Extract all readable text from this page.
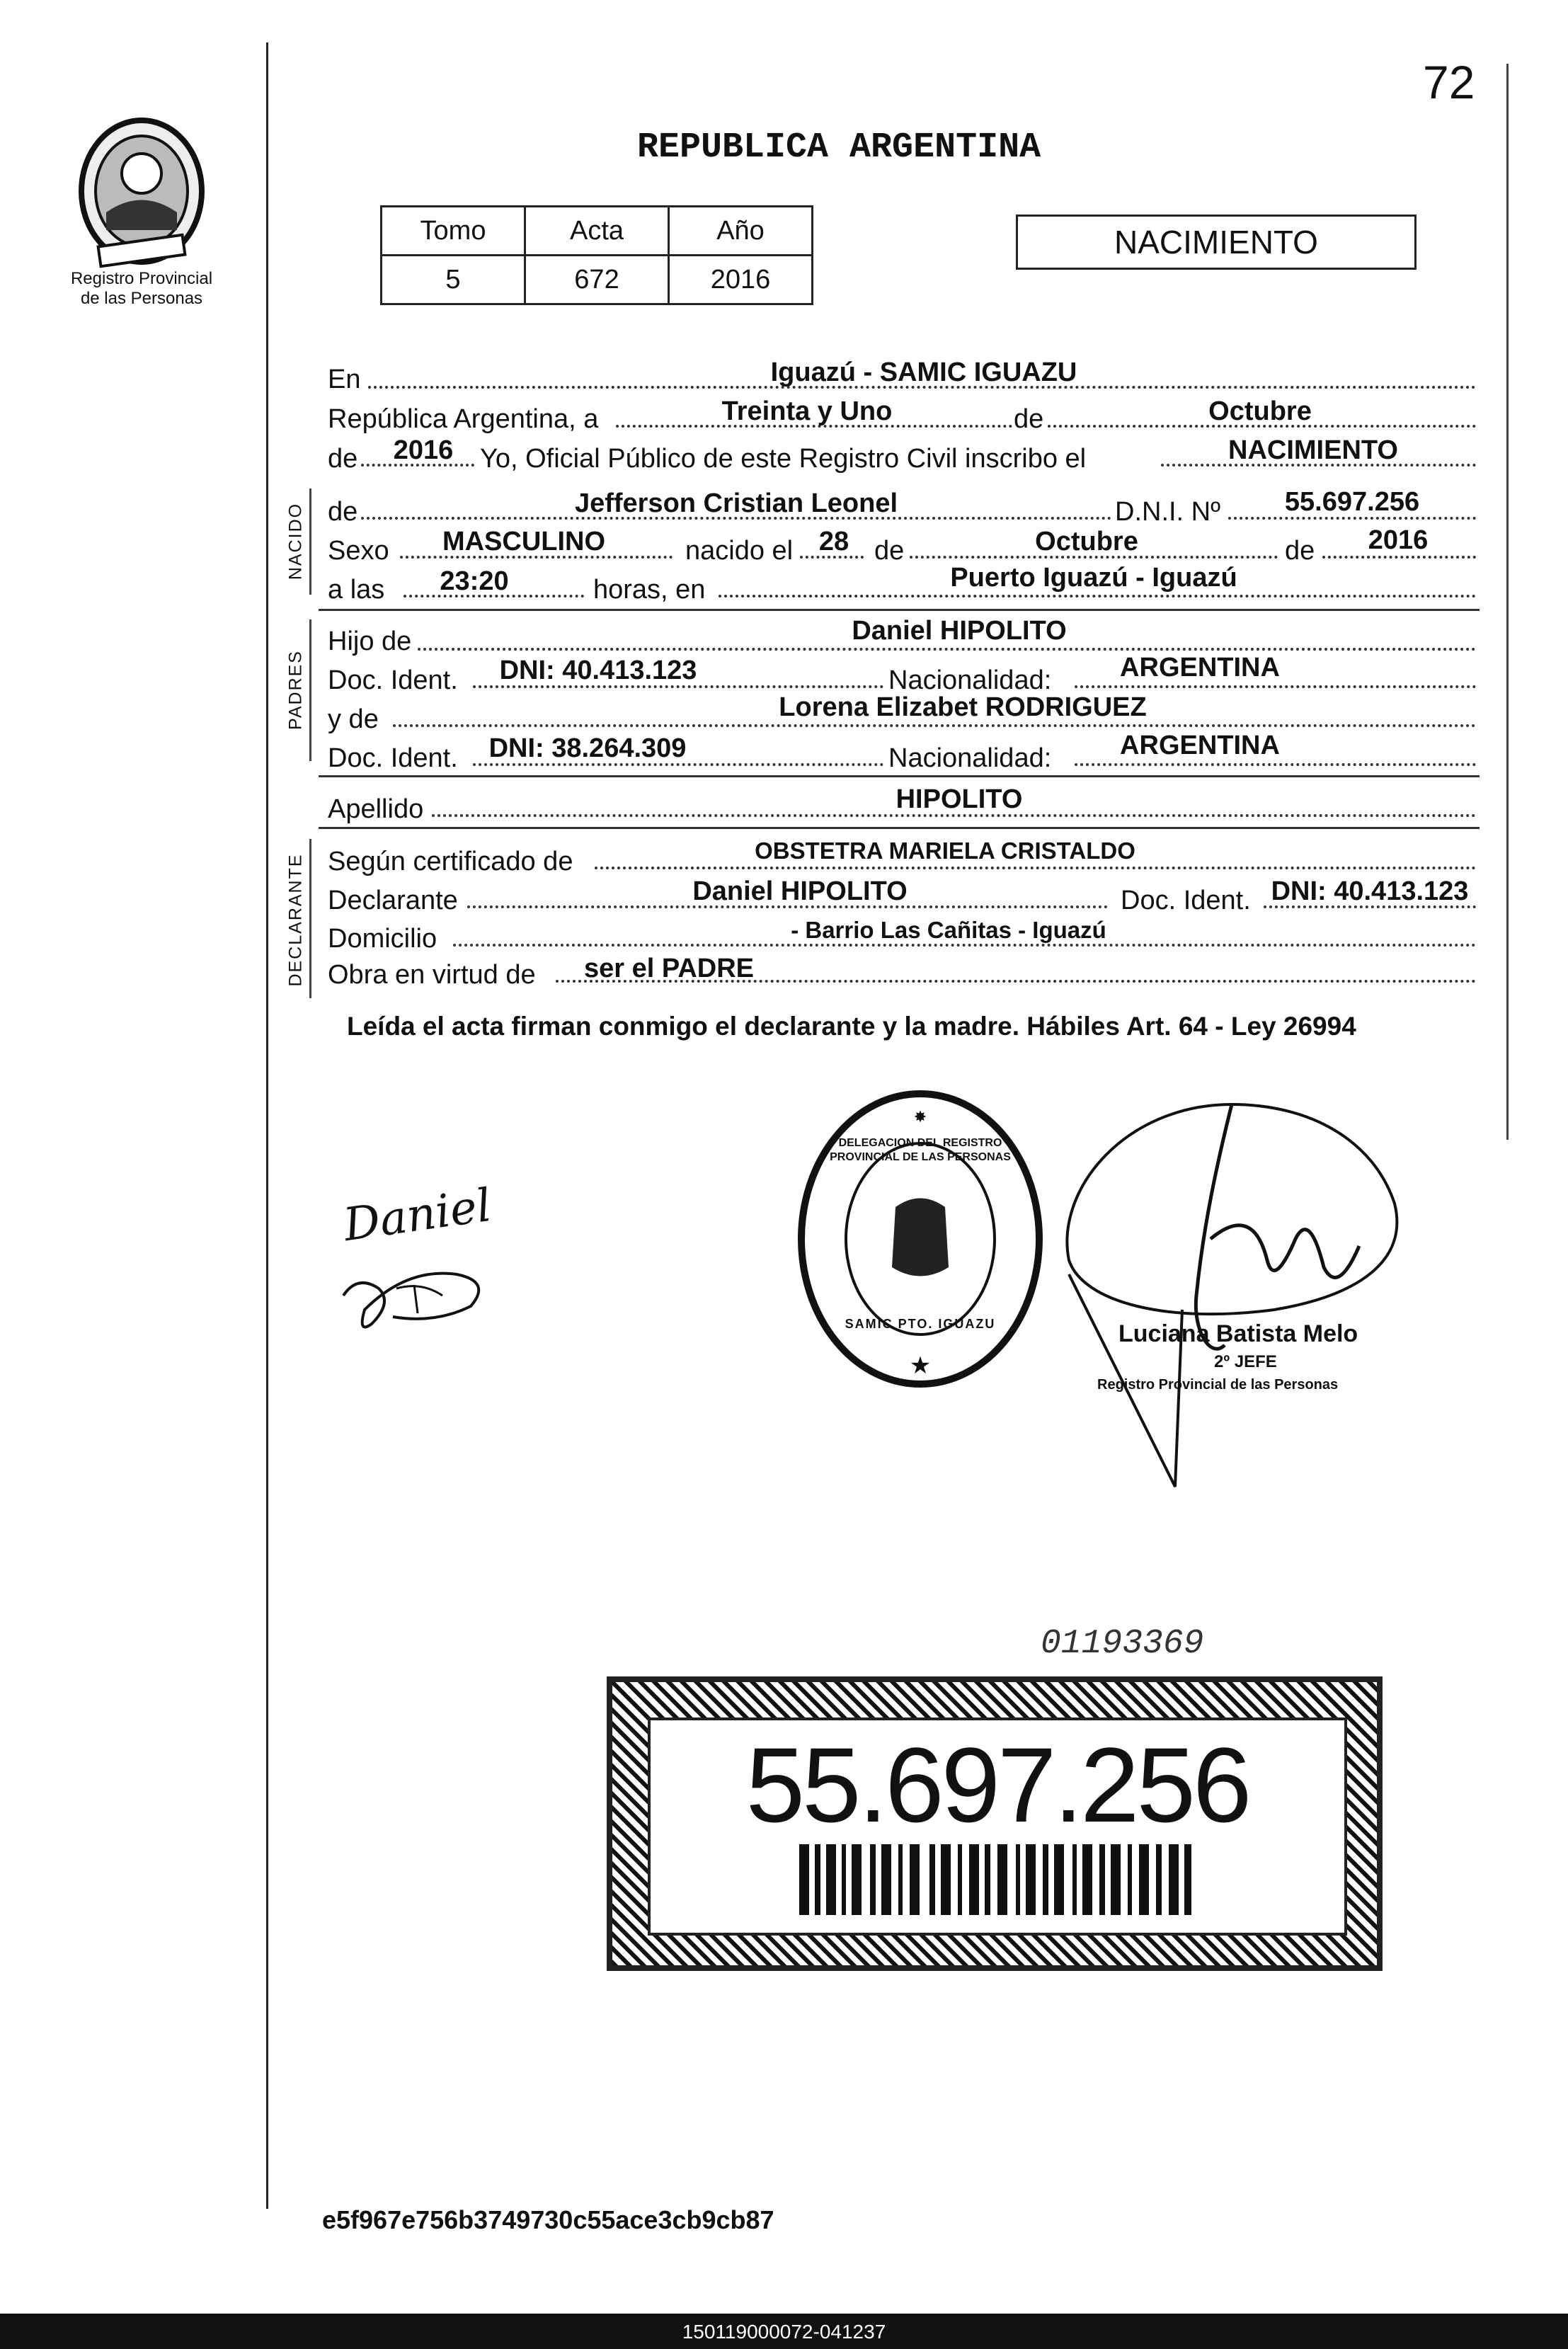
72
Registro Provincial
de las Personas
REPUBLICA ARGENTINA
Tomo	Acta	Año
5	672	2016
NACIMIENTO
En	Iguazú - SAMIC IGUAZU
República Argentina, a	Treinta y Uno	de	Octubre
de 2016 Yo, Oficial Público de este Registro Civil inscribo el	NACIMIENTO
NACIDO de	Jefferson Cristian Leonel	D.N.I. Nº 55.697.256
Sexo MASCULINO	nacido el 28 de	Octubre	de 2016
a las 23:20	horas, en	Puerto Iguazú - Iguazú
PADRES
Hijo de	Daniel HIPOLITO
Doc. Ident. DNI: 40.413.123	Nacionalidad:	ARGENTINA
y de	Lorena Elizabet RODRIGUEZ
Doc. Ident. DNI: 38.264.309	Nacionalidad:	ARGENTINA
Apellido	HIPOLITO
DECLARANTE Según certificado de	OBSTETRA MARIELA CRISTALDO
Declarante	Daniel HIPOLITO	Doc. Ident. DNI: 40.413.123
Domicilio	- Barrio Las Cañitas - Iguazú
Obra en virtud de ser el PADRE
Leída el acta firman conmigo el declarante y la madre. Hábiles Art. 64 - Ley 26994
Daniel
✸
★
SAMIC PTO. IGUAZU
DELEGACION DEL REGISTRO PROVINCIAL DE LAS PERSONAS
Luciana Batista Melo
2º JEFE
Registro Provincial de las Personas
01193369
55.697.256
e5f967e756b3749730c55ace3cb9cb87
150119000072-041237
